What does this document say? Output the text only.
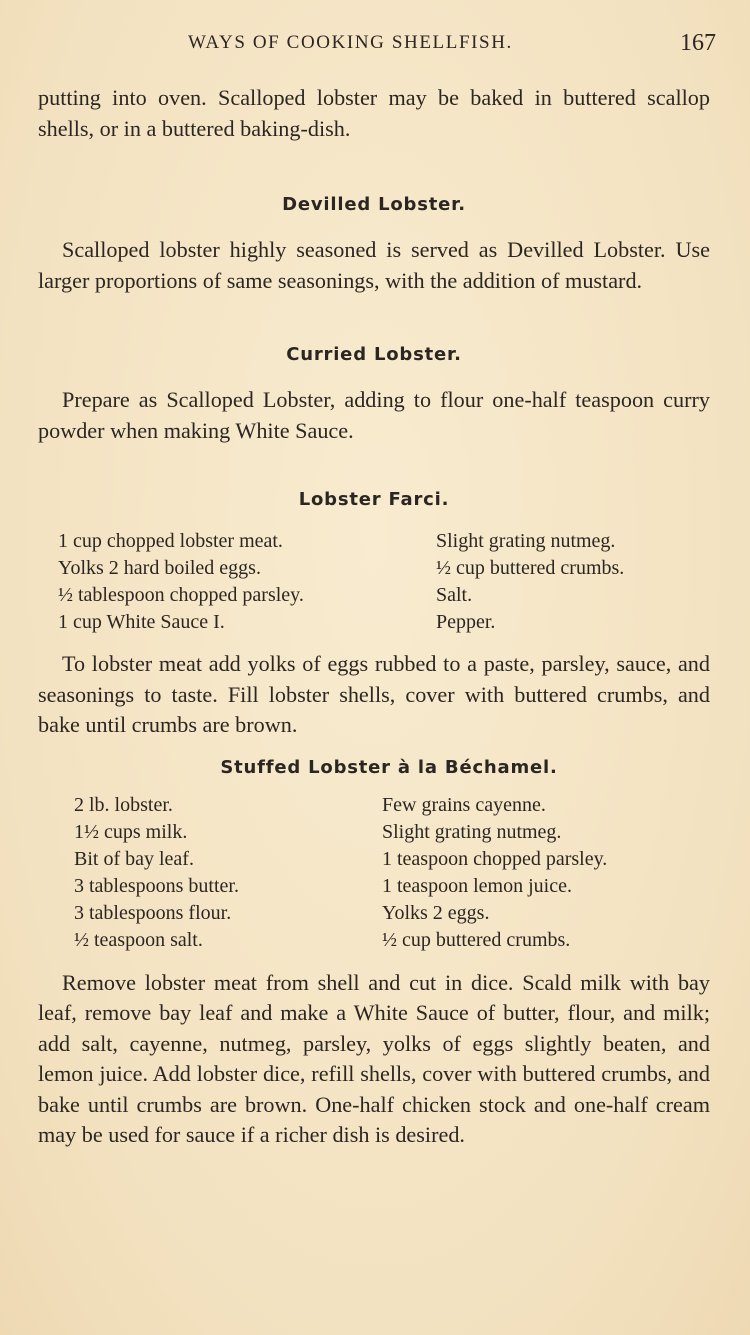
WAYS OF COOKING SHELLFISH.	167

putting into oven. Scalloped lobster may be baked in buttered scallop shells, or in a buttered baking-dish.

Devilled Lobster.

Scalloped lobster highly seasoned is served as Devilled Lobster. Use larger proportions of same seasonings, with the addition of mustard.

Curried Lobster.

Prepare as Scalloped Lobster, adding to flour one-half teaspoon curry powder when making White Sauce.

Lobster Farci.
1 cup chopped lobster meat.
Yolks 2 hard boiled eggs.
½ tablespoon chopped parsley.
1 cup White Sauce I.
Slight grating nutmeg.
½ cup buttered crumbs.
Salt.
Pepper.

To lobster meat add yolks of eggs rubbed to a paste, parsley, sauce, and seasonings to taste. Fill lobster shells, cover with buttered crumbs, and bake until crumbs are brown.

Stuffed Lobster à la Béchamel.
2 lb. lobster.
1½ cups milk.
Bit of bay leaf.
3 tablespoons butter.
3 tablespoons flour.
½ teaspoon salt.
Few grains cayenne.
Slight grating nutmeg.
1 teaspoon chopped parsley.
1 teaspoon lemon juice.
Yolks 2 eggs.
½ cup buttered crumbs.

Remove lobster meat from shell and cut in dice. Scald milk with bay leaf, remove bay leaf and make a White Sauce of butter, flour, and milk; add salt, cayenne, nutmeg, parsley, yolks of eggs slightly beaten, and lemon juice. Add lobster dice, refill shells, cover with buttered crumbs, and bake until crumbs are brown. One-half chicken stock and one-half cream may be used for sauce if a richer dish is desired.
